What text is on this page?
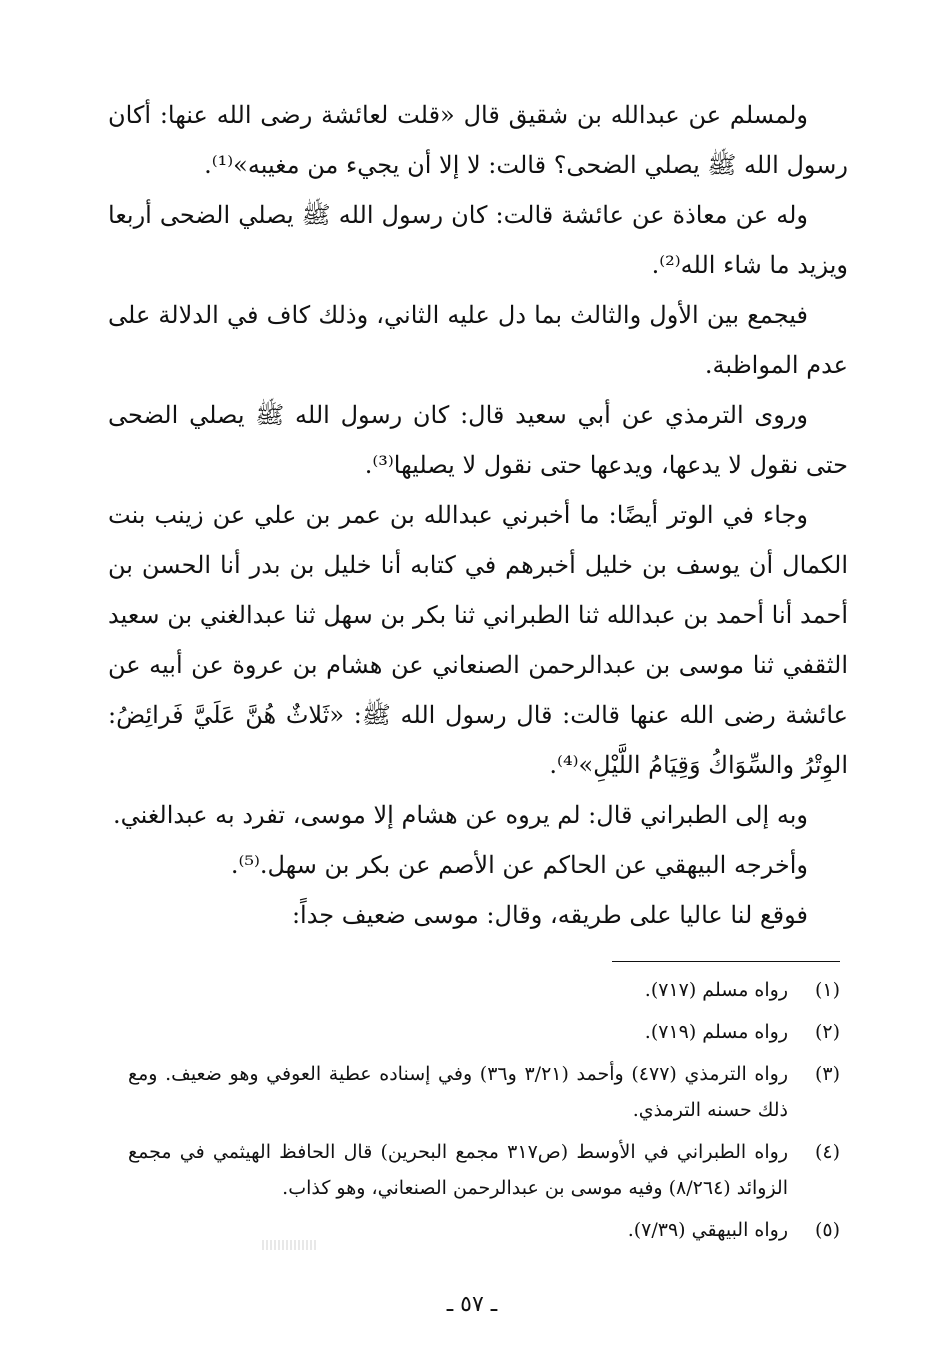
ولمسلم عن عبدالله بن شقيق قال «قلت لعائشة رضى الله عنها: أكان رسول الله ﷺ يصلي الضحى؟ قالت: لا إلا أن يجيء من مغيبه»⁽¹⁾.

وله عن معاذة عن عائشة قالت: كان رسول الله ﷺ يصلي الضحى أربعا ويزيد ما شاء الله⁽²⁾.

فيجمع بين الأول والثالث بما دل عليه الثاني، وذلك كاف في الدلالة على عدم المواظبة.

وروى الترمذي عن أبي سعيد قال: كان رسول الله ﷺ يصلي الضحى حتى نقول لا يدعها، ويدعها حتى نقول لا يصليها⁽³⁾.

وجاء في الوتر أيضًا: ما أخبرني عبدالله بن عمر بن علي عن زينب بنت الكمال أن يوسف بن خليل أخبرهم في كتابه أنا خليل بن بدر أنا الحسن بن أحمد أنا أحمد بن عبدالله ثنا الطبراني ثنا بكر بن سهل ثنا عبدالغني بن سعيد الثقفي ثنا موسى بن عبدالرحمن الصنعاني عن هشام بن عروة عن أبيه عن عائشة رضى الله عنها قالت: قال رسول الله ﷺ: «ثَلاثٌ هُنَّ عَلَيَّ فَرائِضُ: الوِتْرُ والسِّوَاكُ وَقِيَامُ اللَّيْلِ»⁽⁴⁾.

وبه إلى الطبراني قال: لم يروه عن هشام إلا موسى، تفرد به عبدالغني.

وأخرجه البيهقي عن الحاكم عن الأصم عن بكر بن سهل.⁽⁵⁾.

فوقع لنا عاليا على طريقه، وقال: موسى ضعيف جداً:

(١)
رواه مسلم (٧١٧).
(٢)
رواه مسلم (٧١٩).
(٣)
رواه الترمذي (٤٧٧) وأحمد (٣/٢١ و٣٦) وفي إسناده عطية العوفي وهو ضعيف. ومع ذلك حسنه الترمذي.
(٤)
رواه الطبراني في الأوسط (ص٣١٧ مجمع البحرين) قال الحافظ الهيثمي في مجمع الزوائد (٨/٢٦٤) وفيه موسى بن عبدالرحمن الصنعاني، وهو كذاب.
(٥)
رواه البيهقي (٧/٣٩).
ـ ٥٧ ـ
